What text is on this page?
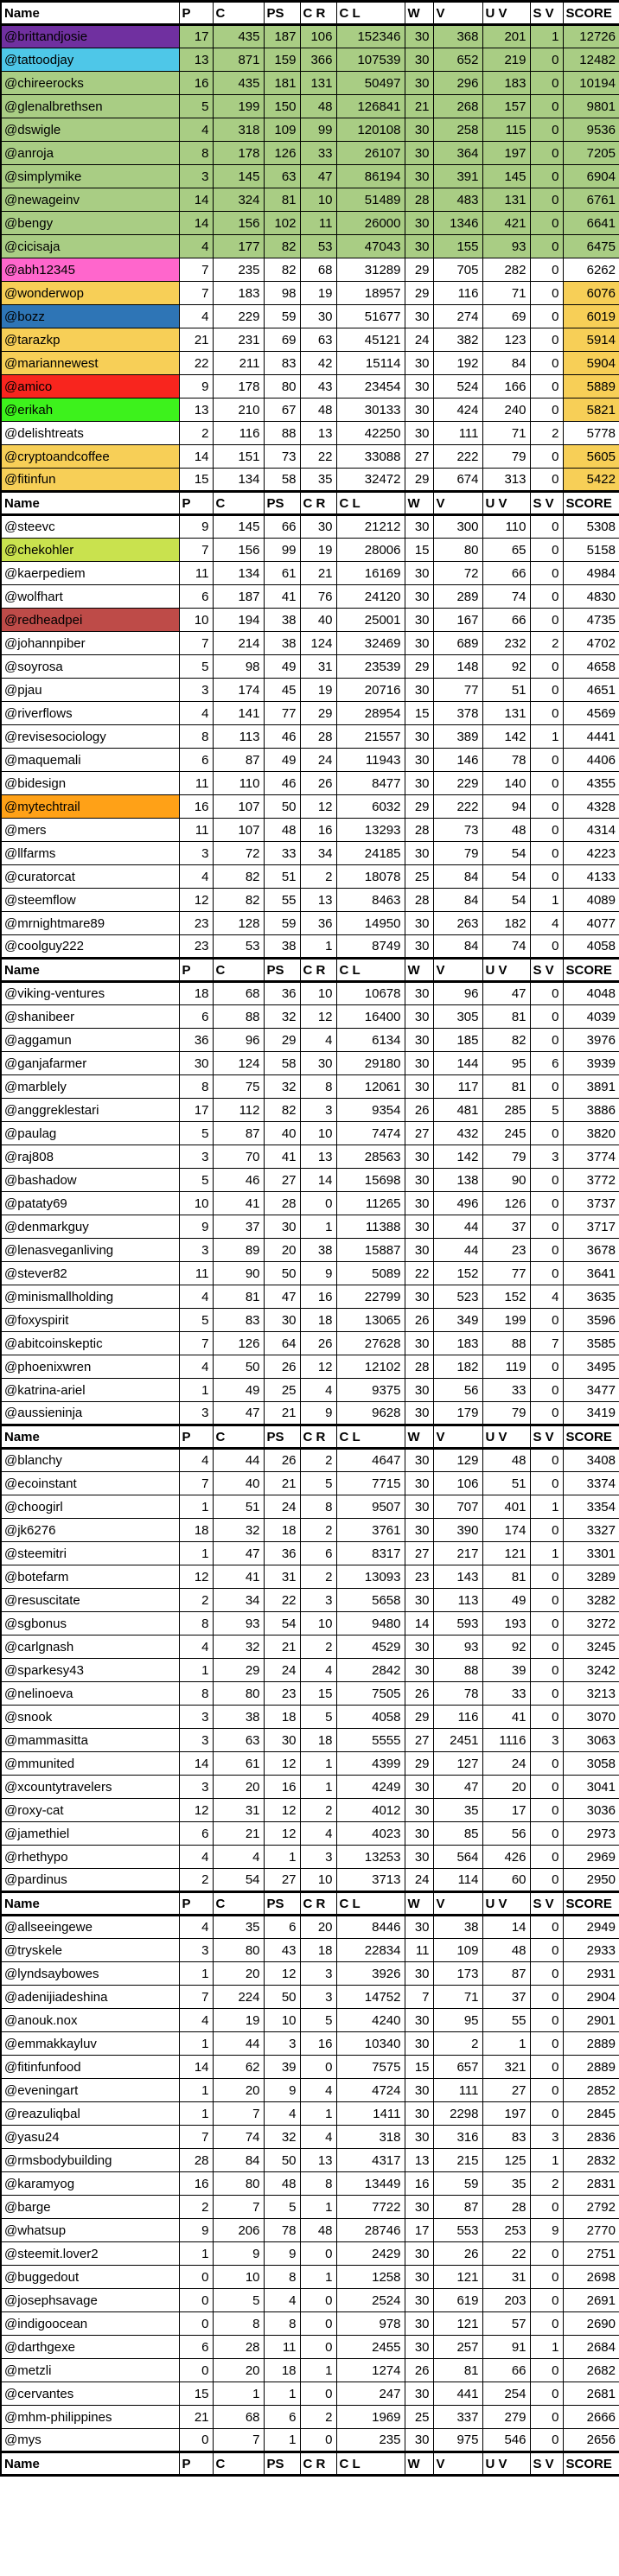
Name	P	C	PS	C R	C L	W	V	U V	S V	SCORE
@brittandjosie	17	435	187	106	152346	30	368	201	1	12726
@tattoodjay	13	871	159	366	107539	30	652	219	0	12482
@chireerocks	16	435	181	131	50497	30	296	183	0	10194
@glenalbrethsen	5	199	150	48	126841	21	268	157	0	9801
@dswigle	4	318	109	99	120108	30	258	115	0	9536
@anroja	8	178	126	33	26107	30	364	197	0	7205
@simplymike	3	145	63	47	86194	30	391	145	0	6904
@newageinv	14	324	81	10	51489	28	483	131	0	6761
@bengy	14	156	102	11	26000	30	1346	421	0	6641
@cicisaja	4	177	82	53	47043	30	155	93	0	6475
@abh12345	7	235	82	68	31289	29	705	282	0	6262
@wonderwop	7	183	98	19	18957	29	116	71	0	6076
@bozz	4	229	59	30	51677	30	274	69	0	6019
@tarazkp	21	231	69	63	45121	24	382	123	0	5914
@mariannewest	22	211	83	42	15114	30	192	84	0	5904
@amico	9	178	80	43	23454	30	524	166	0	5889
@erikah	13	210	67	48	30133	30	424	240	0	5821
@delishtreats	2	116	88	13	42250	30	111	71	2	5778
@cryptoandcoffee	14	151	73	22	33088	27	222	79	0	5605
@fitinfun	15	134	58	35	32472	29	674	313	0	5422
Name	P	C	PS	C R	C L	W	V	U V	S V	SCORE
@steevc	9	145	66	30	21212	30	300	110	0	5308
@chekohler	7	156	99	19	28006	15	80	65	0	5158
@kaerpediem	11	134	61	21	16169	30	72	66	0	4984
@wolfhart	6	187	41	76	24120	30	289	74	0	4830
@redheadpei	10	194	38	40	25001	30	167	66	0	4735
@johannpiber	7	214	38	124	32469	30	689	232	2	4702
@soyrosa	5	98	49	31	23539	29	148	92	0	4658
@pjau	3	174	45	19	20716	30	77	51	0	4651
@riverflows	4	141	77	29	28954	15	378	131	0	4569
@revisesociology	8	113	46	28	21557	30	389	142	1	4441
@maquemali	6	87	49	24	11943	30	146	78	0	4406
@bidesign	11	110	46	26	8477	30	229	140	0	4355
@mytechtrail	16	107	50	12	6032	29	222	94	0	4328
@mers	11	107	48	16	13293	28	73	48	0	4314
@llfarms	3	72	33	34	24185	30	79	54	0	4223
@curatorcat	4	82	51	2	18078	25	84	54	0	4133
@steemflow	12	82	55	13	8463	28	84	54	1	4089
@mrnightmare89	23	128	59	36	14950	30	263	182	4	4077
@coolguy222	23	53	38	1	8749	30	84	74	0	4058
Name	P	C	PS	C R	C L	W	V	U V	S V	SCORE
@viking-ventures	18	68	36	10	10678	30	96	47	0	4048
@shanibeer	6	88	32	12	16400	30	305	81	0	4039
@aggamun	36	96	29	4	6134	30	185	82	0	3976
@ganjafarmer	30	124	58	30	29180	30	144	95	6	3939
@marblely	8	75	32	8	12061	30	117	81	0	3891
@anggreklestari	17	112	82	3	9354	26	481	285	5	3886
@paulag	5	87	40	10	7474	27	432	245	0	3820
@raj808	3	70	41	13	28563	30	142	79	3	3774
@bashadow	5	46	27	14	15698	30	138	90	0	3772
@pataty69	10	41	28	0	11265	30	496	126	0	3737
@denmarkguy	9	37	30	1	11388	30	44	37	0	3717
@lenasveganliving	3	89	20	38	15887	30	44	23	0	3678
@stever82	11	90	50	9	5089	22	152	77	0	3641
@minismallholding	4	81	47	16	22799	30	523	152	4	3635
@foxyspirit	5	83	30	18	13065	26	349	199	0	3596
@abitcoinskeptic	7	126	64	26	27628	30	183	88	7	3585
@phoenixwren	4	50	26	12	12102	28	182	119	0	3495
@katrina-ariel	1	49	25	4	9375	30	56	33	0	3477
@aussieninja	3	47	21	9	9628	30	179	79	0	3419
Name	P	C	PS	C R	C L	W	V	U V	S V	SCORE
@blanchy	4	44	26	2	4647	30	129	48	0	3408
@ecoinstant	7	40	21	5	7715	30	106	51	0	3374
@choogirl	1	51	24	8	9507	30	707	401	1	3354
@jk6276	18	32	18	2	3761	30	390	174	0	3327
@steemitri	1	47	36	6	8317	27	217	121	1	3301
@botefarm	12	41	31	2	13093	23	143	81	0	3289
@resuscitate	2	34	22	3	5658	30	113	49	0	3282
@sgbonus	8	93	54	10	9480	14	593	193	0	3272
@carlgnash	4	32	21	2	4529	30	93	92	0	3245
@sparkesy43	1	29	24	4	2842	30	88	39	0	3242
@nelinoeva	8	80	23	15	7505	26	78	33	0	3213
@snook	3	38	18	5	4058	29	116	41	0	3070
@mammasitta	3	63	30	18	5555	27	2451	1116	3	3063
@mmunited	14	61	12	1	4399	29	127	24	0	3058
@xcountytravelers	3	20	16	1	4249	30	47	20	0	3041
@roxy-cat	12	31	12	2	4012	30	35	17	0	3036
@jamethiel	6	21	12	4	4023	30	85	56	0	2973
@rhethypo	4	4	1	3	13253	30	564	426	0	2969
@pardinus	2	54	27	10	3713	24	114	60	0	2950
Name	P	C	PS	C R	C L	W	V	U V	S V	SCORE
@allseeingewe	4	35	6	20	8446	30	38	14	0	2949
@tryskele	3	80	43	18	22834	11	109	48	0	2933
@lyndsaybowes	1	20	12	3	3926	30	173	87	0	2931
@adenijiadeshina	7	224	50	3	14752	7	71	37	0	2904
@anouk.nox	4	19	10	5	4240	30	95	55	0	2901
@emmakkayluv	1	44	3	16	10340	30	2	1	0	2889
@fitinfunfood	14	62	39	0	7575	15	657	321	0	2889
@eveningart	1	20	9	4	4724	30	111	27	0	2852
@reazuliqbal	1	7	4	1	1411	30	2298	197	0	2845
@yasu24	7	74	32	4	318	30	316	83	3	2836
@rmsbodybuilding	28	84	50	13	4317	13	215	125	1	2832
@karamyog	16	80	48	8	13449	16	59	35	2	2831
@barge	2	7	5	1	7722	30	87	28	0	2792
@whatsup	9	206	78	48	28746	17	553	253	9	2770
@steemit.lover2	1	9	9	0	2429	30	26	22	0	2751
@buggedout	0	10	8	1	1258	30	121	31	0	2698
@josephsavage	0	5	4	0	2524	30	619	203	0	2691
@indigoocean	0	8	8	0	978	30	121	57	0	2690
@darthgexe	6	28	11	0	2455	30	257	91	1	2684
@metzli	0	20	18	1	1274	26	81	66	0	2682
@cervantes	15	1	1	0	247	30	441	254	0	2681
@mhm-philippines	21	68	6	2	1969	25	337	279	0	2666
@mys	0	7	1	0	235	30	975	546	0	2656
Name	P	C	PS	C R	C L	W	V	U V	S V	SCORE
